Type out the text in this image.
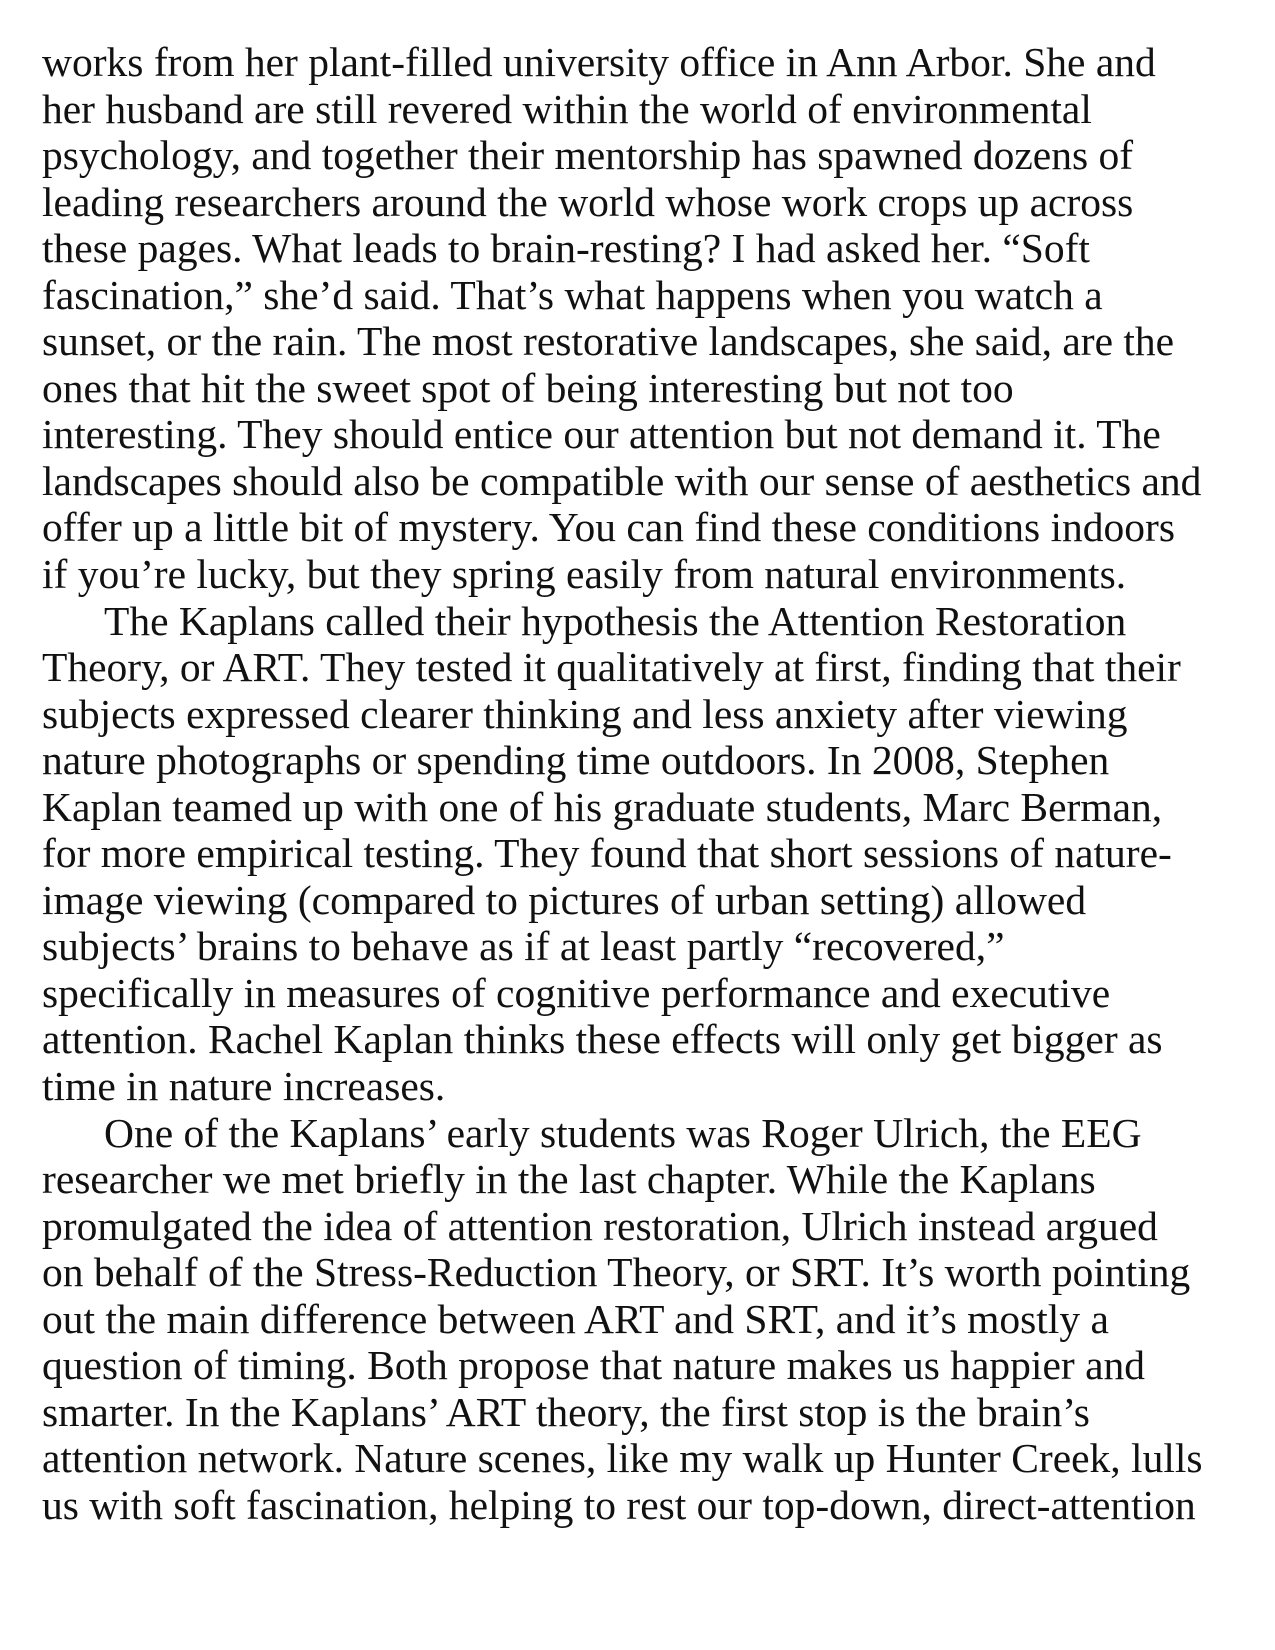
works from her plant-filled university office in Ann Arbor. She and
her husband are still revered within the world of environmental
psychology, and together their mentorship has spawned dozens of
leading researchers around the world whose work crops up across
these pages. What leads to brain-resting? I had asked her. “Soft
fascination,” she’d said. That’s what happens when you watch a
sunset, or the rain. The most restorative landscapes, she said, are the
ones that hit the sweet spot of being interesting but not too
interesting. They should entice our attention but not demand it. The
landscapes should also be compatible with our sense of aesthetics and
offer up a little bit of mystery. You can find these conditions indoors
if you’re lucky, but they spring easily from natural environments.
The Kaplans called their hypothesis the Attention Restoration
Theory, or ART. They tested it qualitatively at first, finding that their
subjects expressed clearer thinking and less anxiety after viewing
nature photographs or spending time outdoors. In 2008, Stephen
Kaplan teamed up with one of his graduate students, Marc Berman,
for more empirical testing. They found that short sessions of nature-
image viewing (compared to pictures of urban setting) allowed
subjects’ brains to behave as if at least partly “recovered,”
specifically in measures of cognitive performance and executive
attention. Rachel Kaplan thinks these effects will only get bigger as
time in nature increases.
One of the Kaplans’ early students was Roger Ulrich, the EEG
researcher we met briefly in the last chapter. While the Kaplans
promulgated the idea of attention restoration, Ulrich instead argued
on behalf of the Stress-Reduction Theory, or SRT. It’s worth pointing
out the main difference between ART and SRT, and it’s mostly a
question of timing. Both propose that nature makes us happier and
smarter. In the Kaplans’ ART theory, the first stop is the brain’s
attention network. Nature scenes, like my walk up Hunter Creek, lulls
us with soft fascination, helping to rest our top-down, direct-attention
